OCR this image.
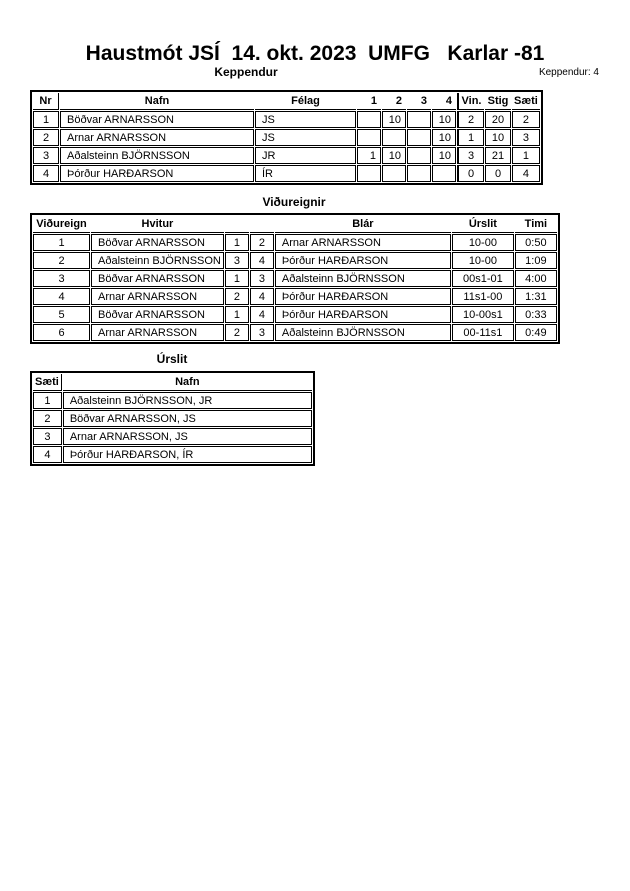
Haustmót JSÍ  14. okt. 2023  UMFG   Karlar -81
Keppendur	Keppendur: 4
Nr	Nafn	Félag	1	2	3	4	Vin.	Stig	Sæti
1	Böðvar ARNARSSON	JS		10		10	2	20	2
2	Arnar ARNARSSON	JS				10	1	10	3
3	Aðalsteinn BJÖRNSSON	JR	1	10		10	3	21	1
4	Þórður HARÐARSON	ÍR					0	0	4
Viðureignir
Viðureign	Hvitur			Blár	Úrslit	Timi
1	Böðvar ARNARSSON	1	2	Arnar ARNARSSON	10-00	0:50
2	Aðalsteinn BJÖRNSSON	3	4	Þórður HARÐARSON	10-00	1:09
3	Böðvar ARNARSSON	1	3	Aðalsteinn BJÖRNSSON	00s1-01	4:00
4	Arnar ARNARSSON	2	4	Þórður HARÐARSON	11s1-00	1:31
5	Böðvar ARNARSSON	1	4	Þórður HARÐARSON	10-00s1	0:33
6	Arnar ARNARSSON	2	3	Aðalsteinn BJÖRNSSON	00-11s1	0:49
Úrslit
Sæti	Nafn
1	Aðalsteinn BJÖRNSSON, JR
2	Böðvar ARNARSSON, JS
3	Arnar ARNARSSON, JS
4	Þórður HARÐARSON, ÍR
